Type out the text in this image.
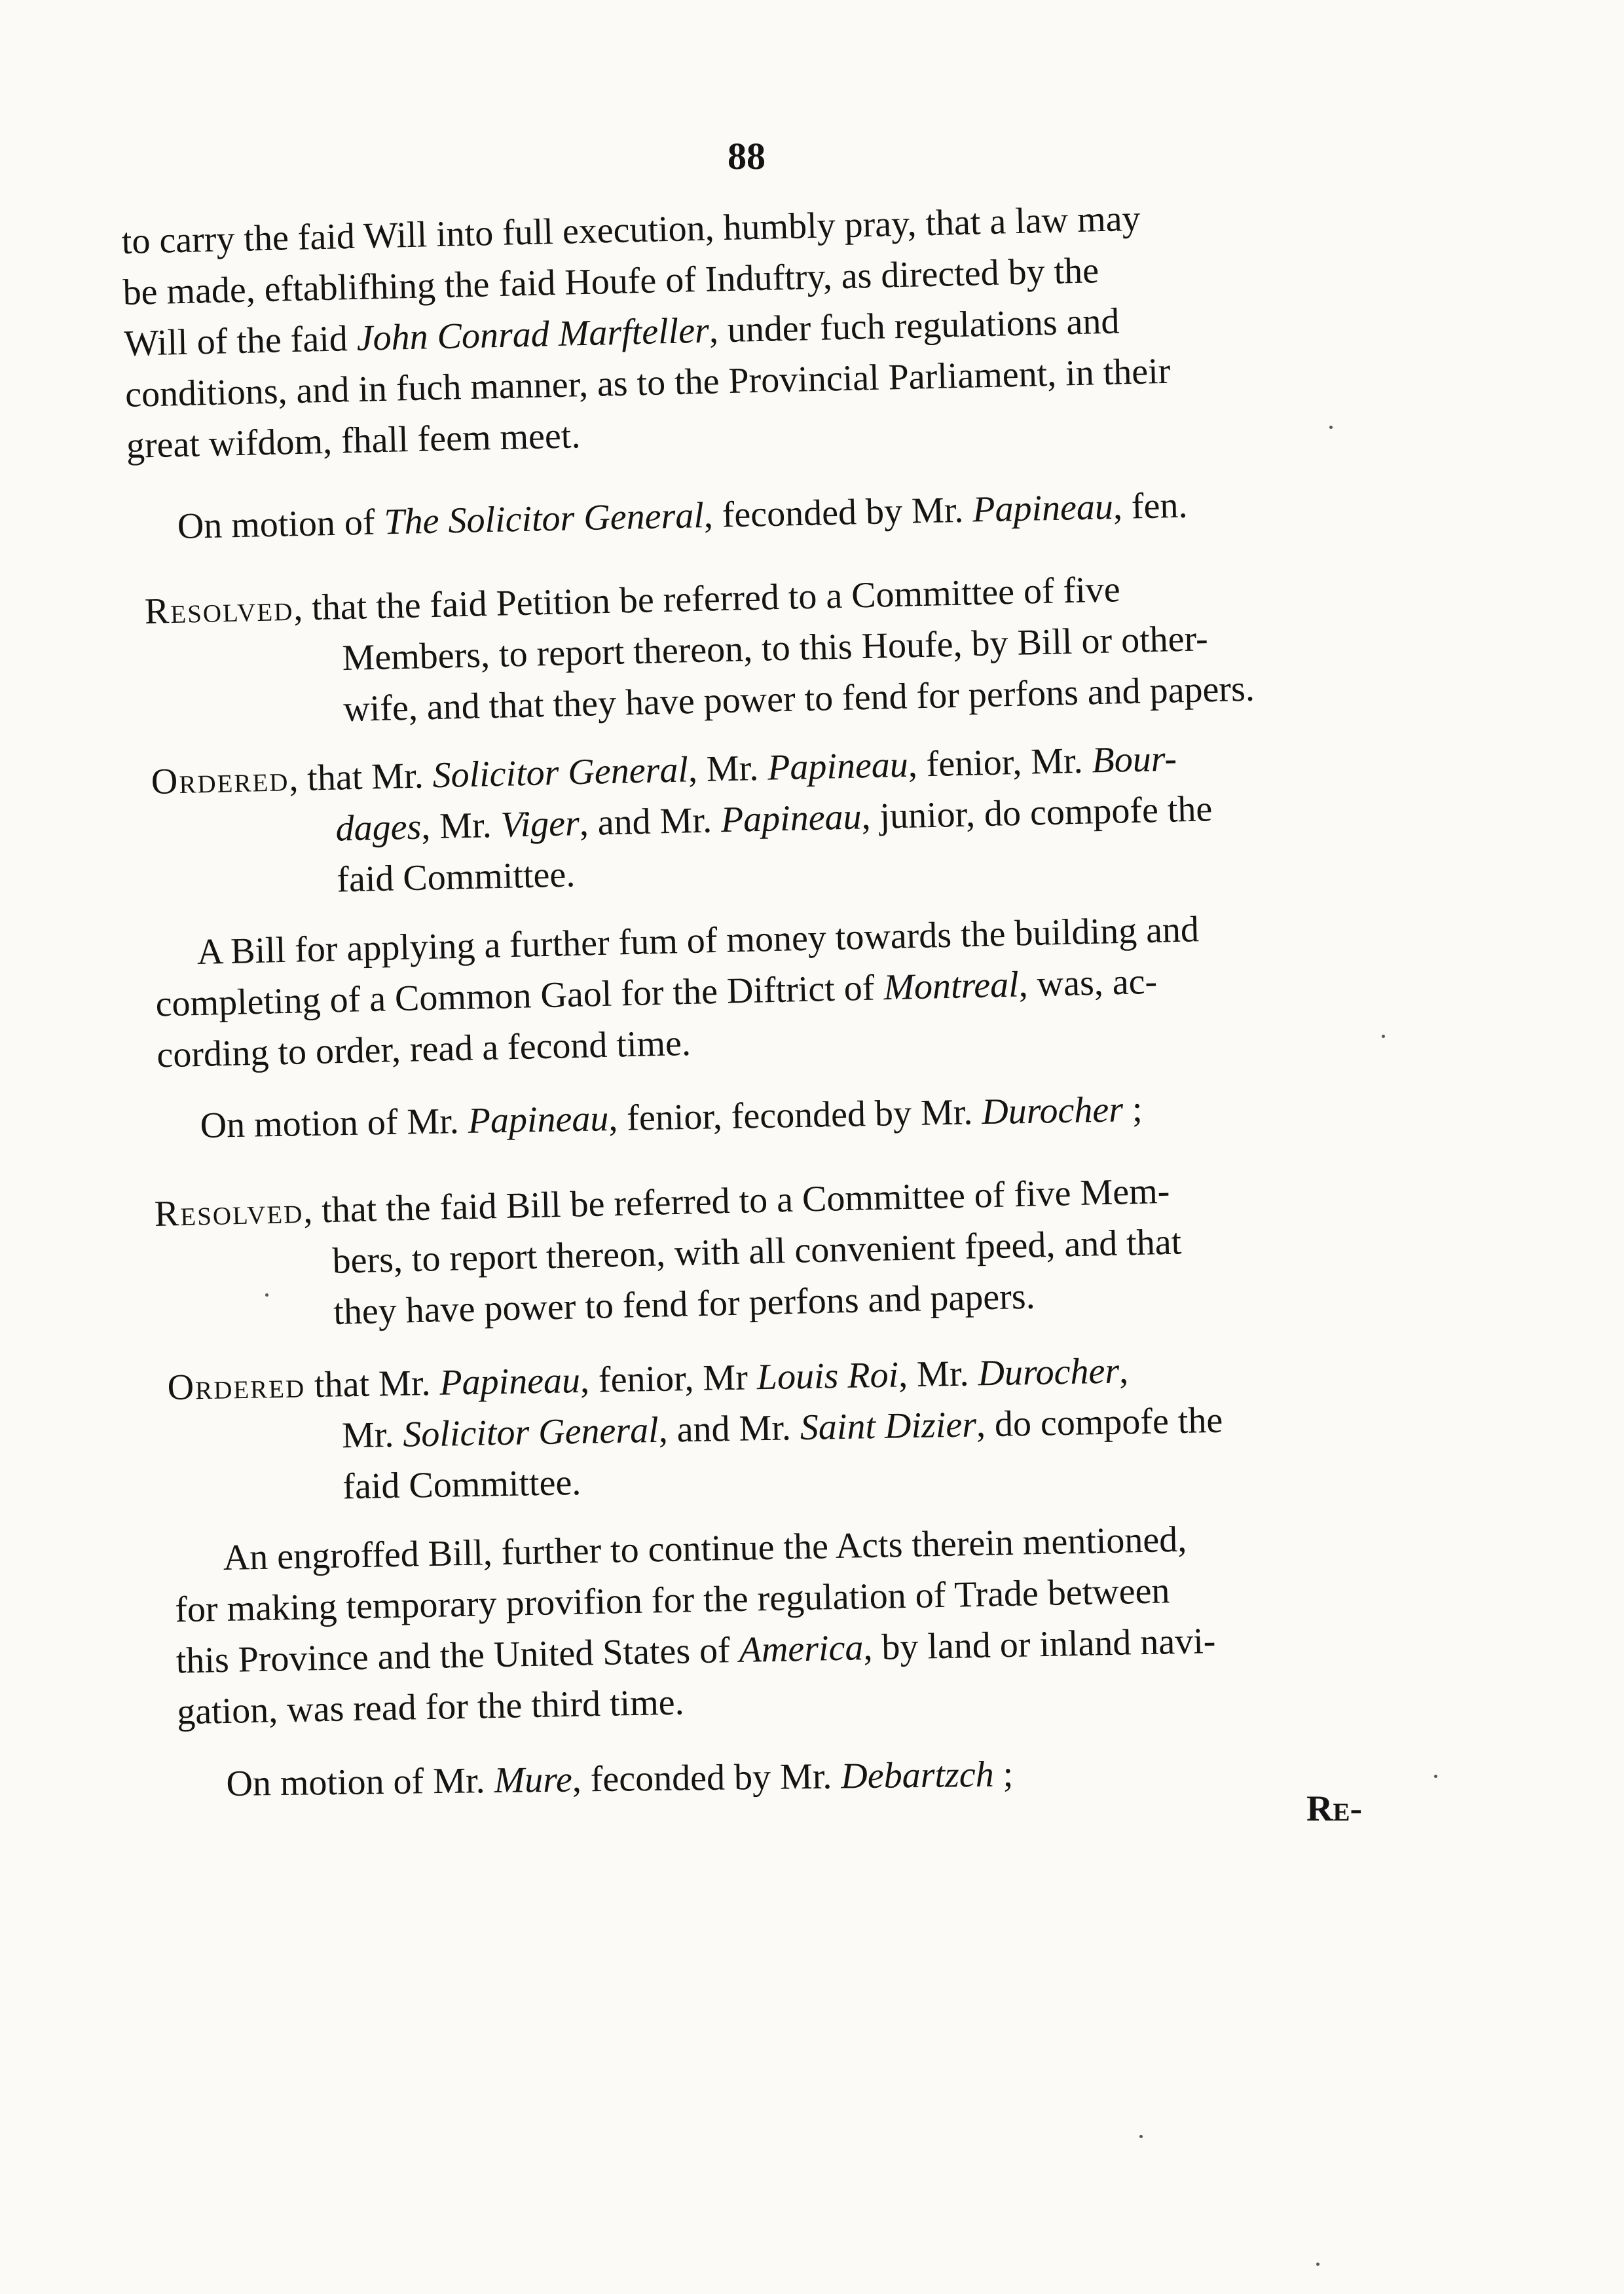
88
to carry the faid Will into full execution, humbly pray, that a law may
be made, eftablifhing the faid Houfe of Induftry, as directed by the
Will of the faid John Conrad Marfteller, under fuch regulations and
conditions, and in fuch manner, as to the Provincial Parliament, in their
great wifdom, fhall feem meet.
On motion of The Solicitor General, feconded by Mr. Papineau, fen.
Resolved, that the faid Petition be referred to a Committee of five
Members, to report thereon, to this Houfe, by Bill or other-
wife, and that they have power to fend for perfons and papers.
Ordered, that Mr. Solicitor General, Mr. Papineau, fenior, Mr. Bour-
dages, Mr. Viger, and Mr. Papineau, junior, do compofe the
faid Committee.
A Bill for applying a further fum of money towards the building and
completing of a Common Gaol for the Diftrict of Montreal, was, ac-
cording to order, read a fecond time.
On motion of Mr. Papineau, fenior, feconded by Mr. Durocher ;
Resolved, that the faid Bill be referred to a Committee of five Mem-
bers, to report thereon, with all convenient fpeed, and that
they have power to fend for perfons and papers.
Ordered that Mr. Papineau, fenior, Mr Louis Roi, Mr. Durocher,
Mr. Solicitor General, and Mr. Saint Dizier, do compofe the
faid Committee.
An engroffed Bill, further to continue the Acts therein mentioned,
for making temporary provifion for the regulation of Trade between
this Province and the United States of America, by land or inland navi-
gation, was read for the third time.
On motion of Mr. Mure, feconded by Mr. Debartzch ;
Re-
